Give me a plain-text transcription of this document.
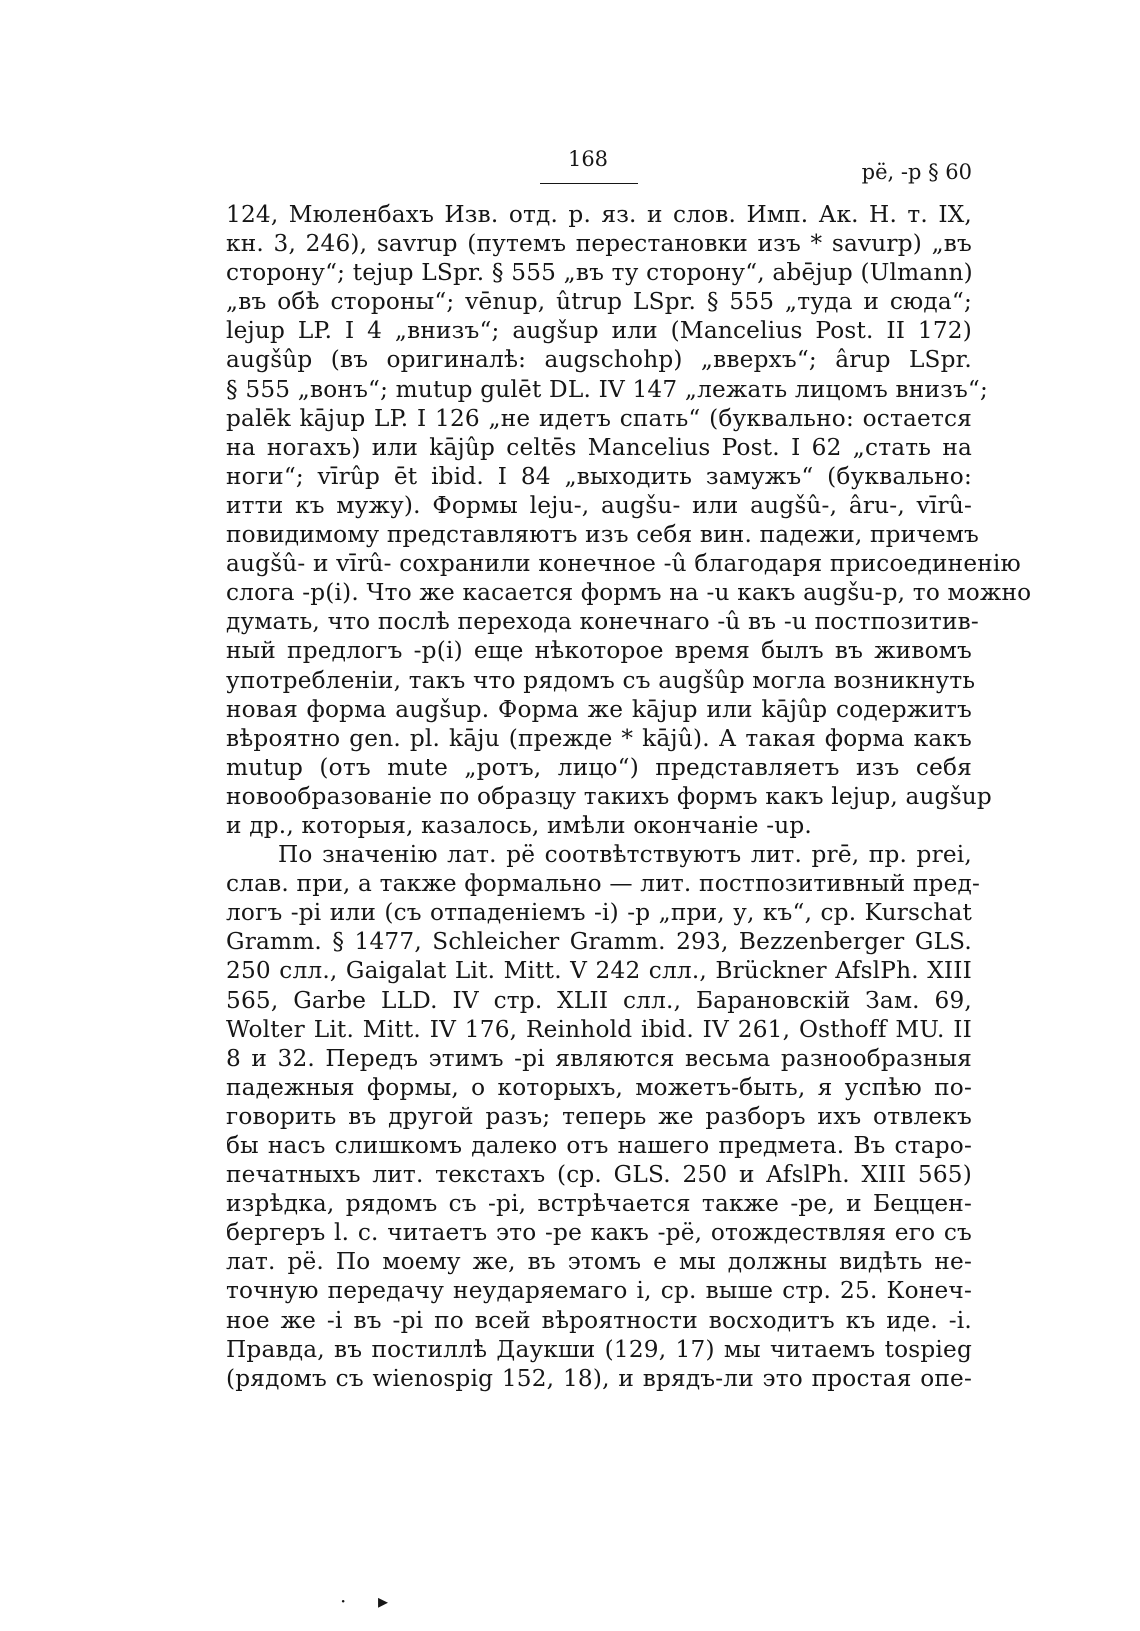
168
pё, -p § 60
124, Мюленбахъ Изв. отд. р. яз. и слов. Имп. Ак. Н. т. IX,
кн. 3, 246), savrup (путемъ перестановки изъ * savurp) „въ
сторону“; tejup LSpr. § 555 „въ ту сторону“, abējup (Ulmann)
„въ обѣ стороны“; vēnup, ûtrup LSpr. § 555 „туда и сюда“;
lejup LP. I 4 „внизъ“; augšup или (Mancelius Post. II 172)
augšûp (въ оригиналѣ: augschohp) „вверхъ“; ârup LSpr.
§ 555 „вонъ“; mutup gulēt DL. IV 147 „лежать лицомъ внизъ“;
palēk kājup LP. I 126 „не идетъ спать“ (буквально: остается
на ногахъ) или kājûp celtēs Mancelius Post. I 62 „стать на
ноги“; vīrûp ēt ibid. I 84 „выходить замужъ“ (буквально:
итти къ мужу). Формы leju-, augšu- или augšû-, âru-, vīrû-
повидимому представляютъ изъ себя вин. падежи, причемъ
augšû- и vīrû- сохранили конечное -û благодаря присоединенію
слога -p(i). Что же касается формъ на -u какъ augšu-p, то можно
думать, что послѣ перехода конечнаго -û въ -u постпозитив-
ный предлогъ -p(i) еще нѣкоторое время былъ въ живомъ
употребленіи, такъ что рядомъ съ augšûp могла возникнуть
новая форма augšup. Форма же kājup или kājûp содержитъ
вѣроятно gen. pl. kāju (прежде * kājû). А такая форма какъ
mutup (отъ mute „ротъ, лицо“) представляетъ изъ себя
новообразованіе по образцу такихъ формъ какъ lejup, augšup
и др., которыя, казалось, имѣли окончаніе -up.
По значенію лат. pё соотвѣтствуютъ лит. prē, пр. prei,
слав. при, а также формально — лит. постпозитивный пред-
логъ -pi или (съ отпаденіемъ -i) -p „при, у, къ“, ср. Kurschat
Gramm. § 1477, Schleicher Gramm. 293, Bezzenberger GLS.
250 слл., Gaigalat Lit. Mitt. V 242 слл., Brückner AfslPh. XIII
565, Garbe LLD. IV стр. XLII слл., Барановскій Зам. 69,
Wolter Lit. Mitt. IV 176, Reinhold ibid. IV 261, Osthoff MU. II
8 и 32. Передъ этимъ -pi являются весьма разнообразныя
падежныя формы, о которыхъ, можетъ-быть, я успѣю по-
говорить въ другой разъ; теперь же разборъ ихъ отвлекъ
бы насъ слишкомъ далеко отъ нашего предмета. Въ старо-
печатныхъ лит. текстахъ (ср. GLS. 250 и AfslPh. XIII 565)
изрѣдка, рядомъ съ -pi, встрѣчается также -pe, и Беццен-
бергеръ l. c. читаетъ это -pe какъ -pё, отождествляя его съ
лат. pё. По моему же, въ этомъ e мы должны видѣть не-
точную передачу неударяемаго i, ср. выше стр. 25. Конеч-
ное же -i въ -pi по всей вѣроятности восходитъ къ иде. -i.
Правда, въ постиллѣ Даукши (129, 17) мы читаемъ tospieg
(рядомъ съ wienospig 152, 18), и врядъ-ли это простая опе-
· ▸
